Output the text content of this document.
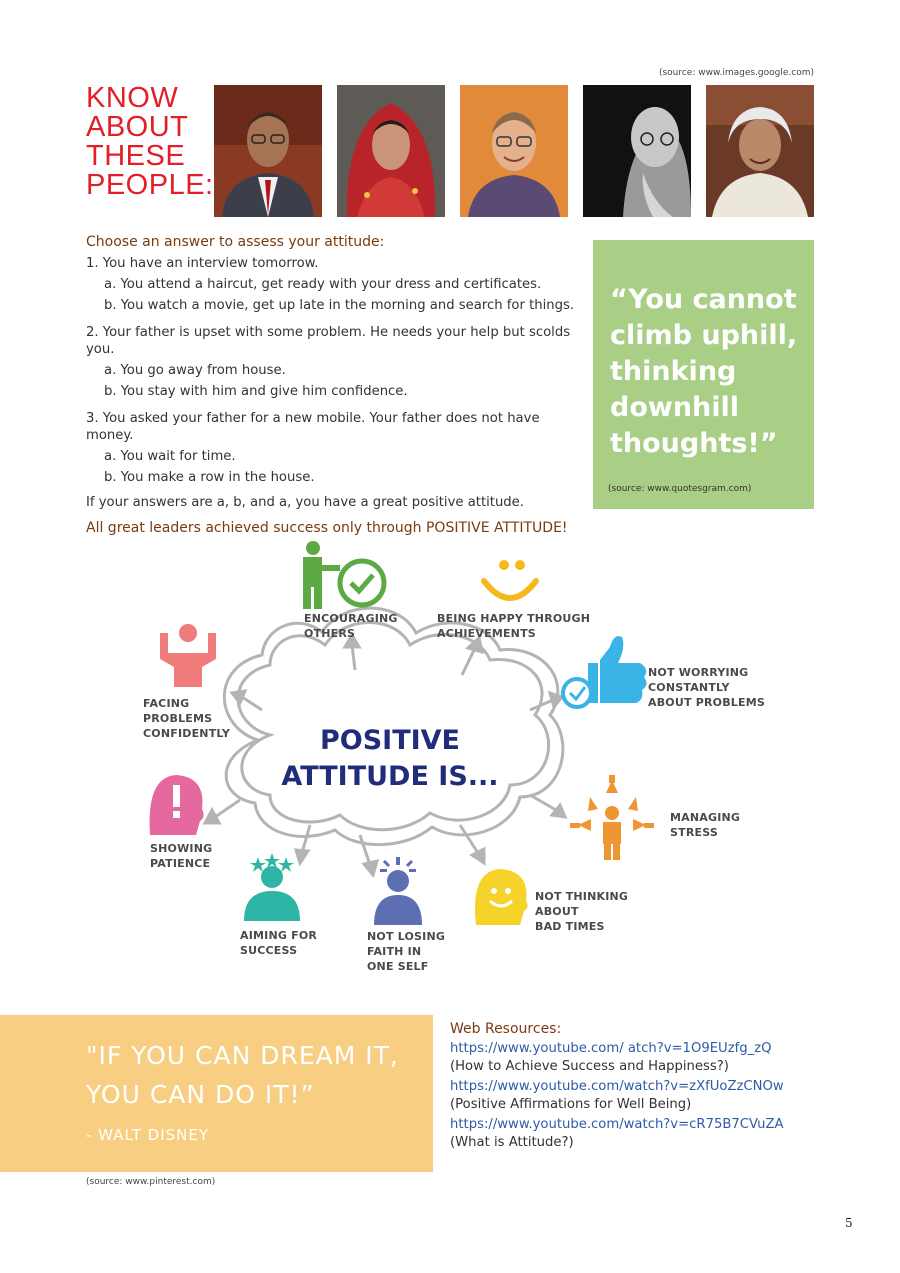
(source: www.images.google.com)
KNOW
ABOUT
THESE
PEOPLE:
Choose an answer to assess your attitude:
1. You have an interview tomorrow.
a. You attend a haircut, get ready with your dress and certificates.
b. You watch a movie, get up late in the morning and search for things.
2. Your father is upset with some problem. He needs your help but scolds you.
a. You go away from house.
b. You stay with him and give him confidence.
3. You asked your father for a new mobile. Your father does not have money.
a. You wait for time.
b. You make a row in the house.
If your answers are a, b, and a, you have a great positive attitude.
All great leaders achieved success only through POSITIVE ATTITUDE!
“You cannot
climb uphill,
thinking
downhill
thoughts!”
(source: www.quotesgram.com)
POSITIVE
ATTITUDE IS...
ENCOURAGING
OTHERS
BEING HAPPY THROUGH
ACHIEVEMENTS
NOT WORRYING
CONSTANTLY
ABOUT PROBLEMS
FACING
PROBLEMS
CONFIDENTLY
MANAGING
STRESS
SHOWING
PATIENCE
AIMING FOR
SUCCESS
NOT LOSING
FAITH IN
ONE SELF
NOT THINKING
ABOUT
BAD TIMES
"IF YOU CAN DREAM IT,
YOU CAN DO IT!”
- WALT DISNEY
Web Resources:
https://www.youtube.com/ atch?v=1O9EUzfg_zQ
(How to Achieve Success and Happiness?)
https://www.youtube.com/watch?v=zXfUoZzCNOw
(Positive Affirmations for Well Being)
https://www.youtube.com/watch?v=cR75B7CVuZA
(What is Attitude?)
(source: www.pinterest.com)
5
